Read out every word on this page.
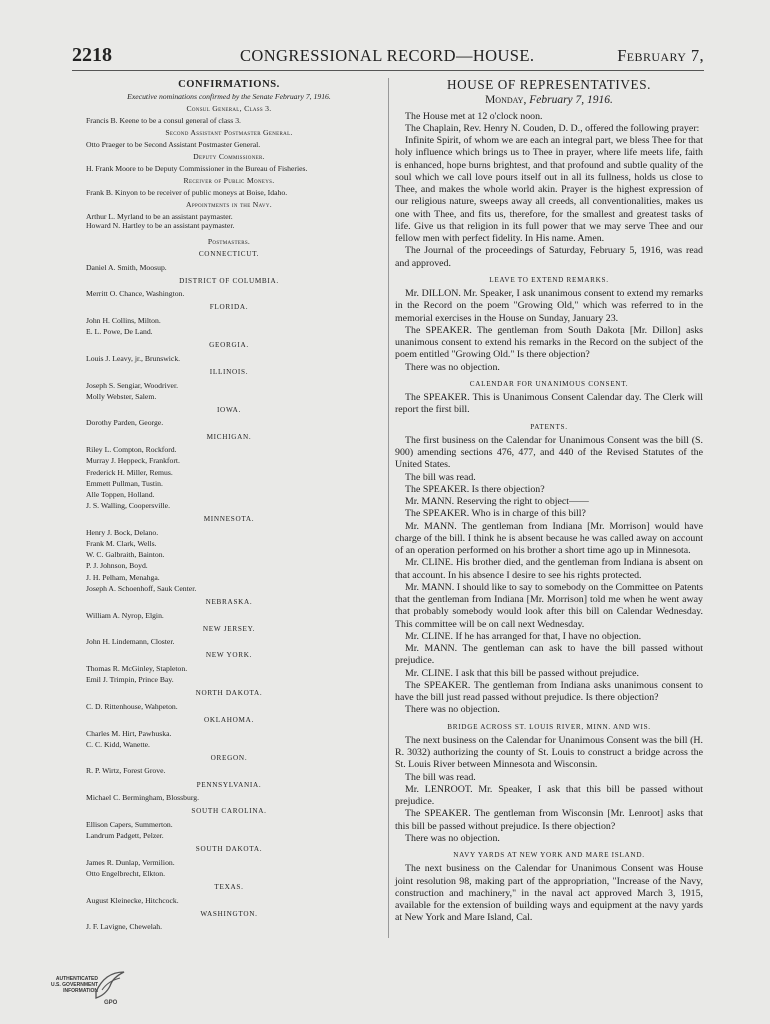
2218	CONGRESSIONAL RECORD—HOUSE.	February 7,
CONFIRMATIONS.
Executive nominations confirmed by the Senate February 7, 1916.
Consul General, Class 3.
Francis B. Keene to be a consul general of class 3.
Second Assistant Postmaster General.
Otto Praeger to be Second Assistant Postmaster General.
Deputy Commissioner.
H. Frank Moore to be Deputy Commissioner in the Bureau of Fisheries.
Receiver of Public Moneys.
Frank B. Kinyon to be receiver of public moneys at Boise, Idaho.
Appointments in the Navy.
Arthur L. Myrland to be an assistant paymaster.
Howard N. Hartley to be an assistant paymaster.
Postmasters.
CONNECTICUT.
Daniel A. Smith, Moosup.
DISTRICT OF COLUMBIA.
Merritt O. Chance, Washington.
FLORIDA.
John H. Collins, Milton.
E. L. Powe, De Land.
GEORGIA.
Louis J. Leavy, jr., Brunswick.
ILLINOIS.
Joseph S. Sengiar, Woodriver.
Molly Webster, Salem.
IOWA.
Dorothy Parden, George.
MICHIGAN.
Riley L. Compton, Rockford.
Murray J. Heppeck, Frankfort.
Frederick H. Miller, Remus.
Emmett Pullman, Tustin.
Alle Toppen, Holland.
J. S. Walling, Coopersville.
MINNESOTA.
Henry J. Bock, Delano.
Frank M. Clark, Wells.
W. C. Galbraith, Bainton.
P. J. Johnson, Boyd.
J. H. Pelham, Menahga.
Joseph A. Schoenhoff, Sauk Center.
NEBRASKA.
William A. Nyrop, Elgin.
NEW JERSEY.
John H. Lindemann, Closter.
NEW YORK.
Thomas R. McGinley, Stapleton.
Emil J. Trimpin, Prince Bay.
NORTH DAKOTA.
C. D. Rittenhouse, Wahpeton.
OKLAHOMA.
Charles M. Hirt, Pawhuska.
C. C. Kidd, Wanette.
OREGON.
R. P. Wirtz, Forest Grove.
PENNSYLVANIA.
Michael C. Bermingham, Blossburg.
SOUTH CAROLINA.
Ellison Capers, Summerton.
Landrum Padgett, Pelzer.
SOUTH DAKOTA.
James R. Dunlap, Vermilion.
Otto Engelbrecht, Elkton.
TEXAS.
August Kleinecke, Hitchcock.
WASHINGTON.
J. F. Lavigne, Chewelah.
HOUSE OF REPRESENTATIVES.
Monday, February 7, 1916.
The House met at 12 o'clock noon.
The Chaplain, Rev. Henry N. Couden, D. D., offered the following prayer:
Infinite Spirit, of whom we are each an integral part, we bless Thee for that holy influence which brings us to Thee in prayer, where life meets life, faith is enhanced, hope burns brightest, and that profound and subtle quality of the soul which we call love pours itself out in all its fullness, holds us close to Thee, and makes the whole world akin. Prayer is the highest expression of our religious nature, sweeps away all creeds, all conventionalities, makes us one with Thee, and fits us, therefore, for the smallest and greatest tasks of life. Give us that religion in its full power that we may serve Thee and our fellow men with perfect fidelity. In His name. Amen.
The Journal of the proceedings of Saturday, February 5, 1916, was read and approved.
LEAVE TO EXTEND REMARKS.
Mr. DILLON. Mr. Speaker, I ask unanimous consent to extend my remarks in the Record on the poem "Growing Old," which was referred to in the memorial exercises in the House on Sunday, January 23.
The SPEAKER. The gentleman from South Dakota [Mr. Dillon] asks unanimous consent to extend his remarks in the Record on the subject of the poem entitled "Growing Old." Is there objection?
There was no objection.
CALENDAR FOR UNANIMOUS CONSENT.
The SPEAKER. This is Unanimous Consent Calendar day. The Clerk will report the first bill.
PATENTS.
The first business on the Calendar for Unanimous Consent was the bill (S. 900) amending sections 476, 477, and 440 of the Revised Statutes of the United States.
The bill was read.
The SPEAKER. Is there objection?
Mr. MANN. Reserving the right to object——
The SPEAKER. Who is in charge of this bill?
Mr. MANN. The gentleman from Indiana [Mr. Morrison] would have charge of the bill. I think he is absent because he was called away on account of an operation performed on his brother a short time ago up in Minnesota.
Mr. CLINE. His brother died, and the gentleman from Indiana is absent on that account. In his absence I desire to see his rights protected.
Mr. MANN. I should like to say to somebody on the Committee on Patents that the gentleman from Indiana [Mr. Morrison] told me when he went away that probably somebody would look after this bill on Calendar Wednesday. This committee will be on call next Wednesday.
Mr. CLINE. If he has arranged for that, I have no objection.
Mr. MANN. The gentleman can ask to have the bill passed without prejudice.
Mr. CLINE. I ask that this bill be passed without prejudice.
The SPEAKER. The gentleman from Indiana asks unanimous consent to have the bill just read passed without prejudice. Is there objection?
There was no objection.
BRIDGE ACROSS ST. LOUIS RIVER, MINN. AND WIS.
The next business on the Calendar for Unanimous Consent was the bill (H. R. 3032) authorizing the county of St. Louis to construct a bridge across the St. Louis River between Minnesota and Wisconsin.
The bill was read.
Mr. LENROOT. Mr. Speaker, I ask that this bill be passed without prejudice.
The SPEAKER. The gentleman from Wisconsin [Mr. Lenroot] asks that this bill be passed without prejudice. Is there objection?
There was no objection.
NAVY YARDS AT NEW YORK AND MARE ISLAND.
The next business on the Calendar for Unanimous Consent was House joint resolution 98, making part of the appropriation, "Increase of the Navy, construction and machinery," in the naval act approved March 3, 1915, available for the extension of building ways and equipment at the navy yards at New York and Mare Island, Cal.
AUTHENTICATED
U.S. GOVERNMENT
INFORMATION
GPO
